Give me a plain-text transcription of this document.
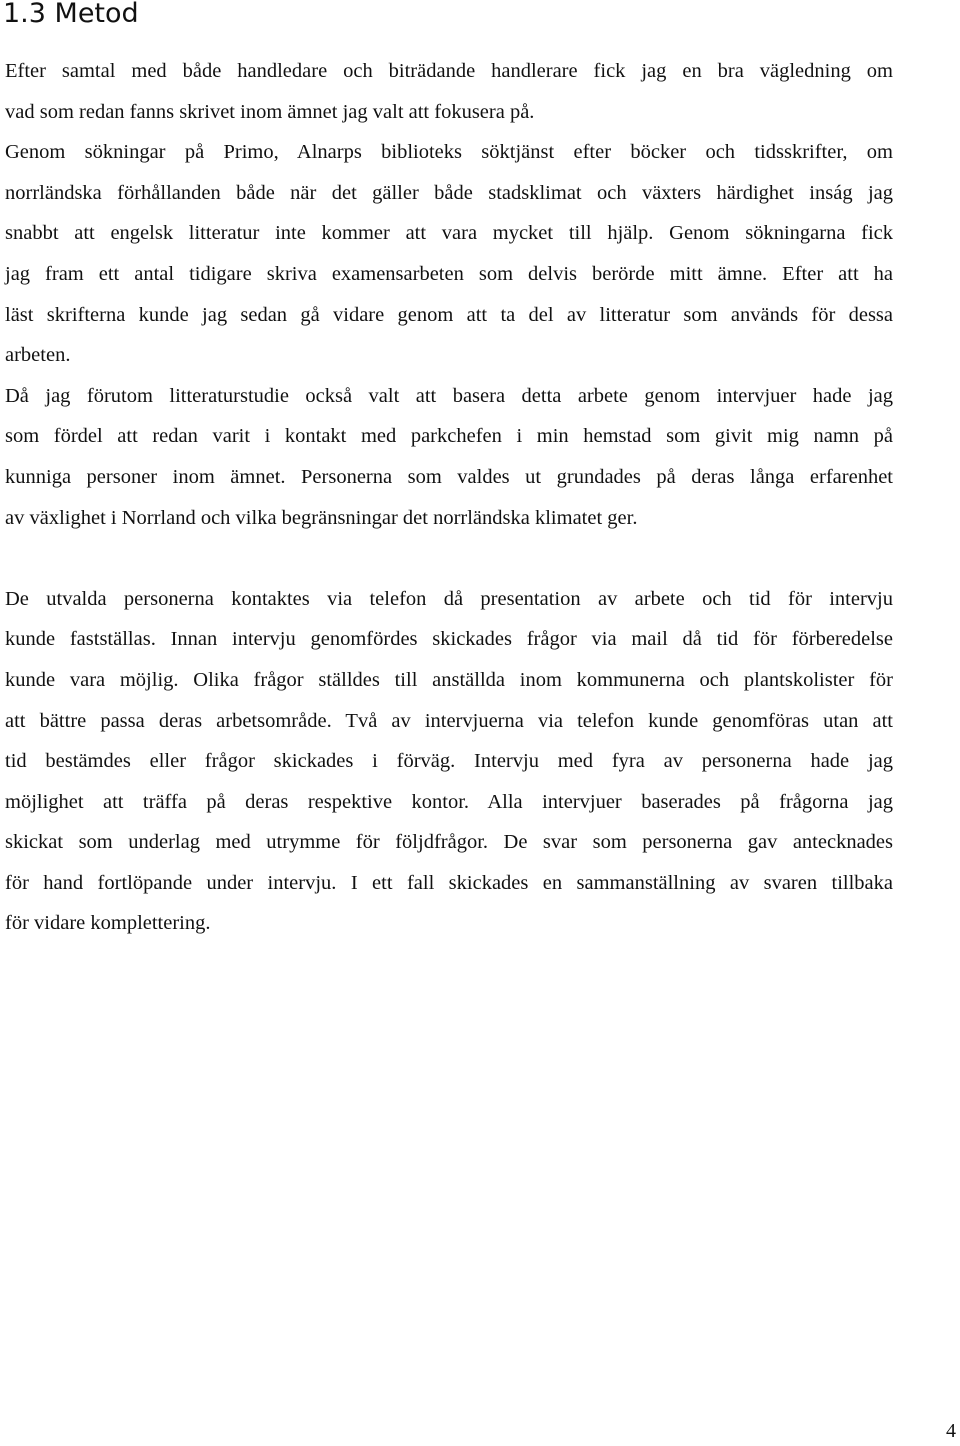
1.3 Metod

Efter samtal med både handledare och biträdande handlerare fick jag en bra vägledning om

vad som redan fanns skrivet inom ämnet jag valt att fokusera på.

Genom sökningar på Primo, Alnarps biblioteks söktjänst efter böcker och tidsskrifter, om

norrländska förhållanden både när det gäller både stadsklimat och växters härdighet inság jag

snabbt att engelsk litteratur inte kommer att vara mycket till hjälp. Genom sökningarna fick

jag fram ett antal tidigare skriva examensarbeten som delvis berörde mitt ämne. Efter att ha

läst skrifterna kunde jag sedan gå vidare genom att ta del av litteratur som används för dessa

arbeten.

Då jag förutom litteraturstudie också valt att basera detta arbete genom intervjuer hade jag

som fördel att redan varit i kontakt med parkchefen i min hemstad som givit mig namn på

kunniga personer inom ämnet. Personerna som valdes ut grundades på deras långa erfarenhet

av växlighet i Norrland och vilka begränsningar det norrländska klimatet ger.

De utvalda personerna kontaktes via telefon då presentation av arbete och tid för intervju

kunde fastställas. Innan intervju genomfördes skickades frågor via mail då tid för förberedelse

kunde vara möjlig. Olika frågor ställdes till anställda inom kommunerna och plantskolister för

att bättre passa deras arbetsområde. Två av intervjuerna via telefon kunde genomföras utan att

tid bestämdes eller frågor skickades i förväg. Intervju med fyra av personerna hade jag

möjlighet att träffa på deras respektive kontor. Alla intervjuer baserades på frågorna jag

skickat som underlag med utrymme för följdfrågor. De svar som personerna gav antecknades

för hand fortlöpande under intervju. I ett fall skickades en sammanställning av svaren tillbaka

för vidare komplettering.

4
